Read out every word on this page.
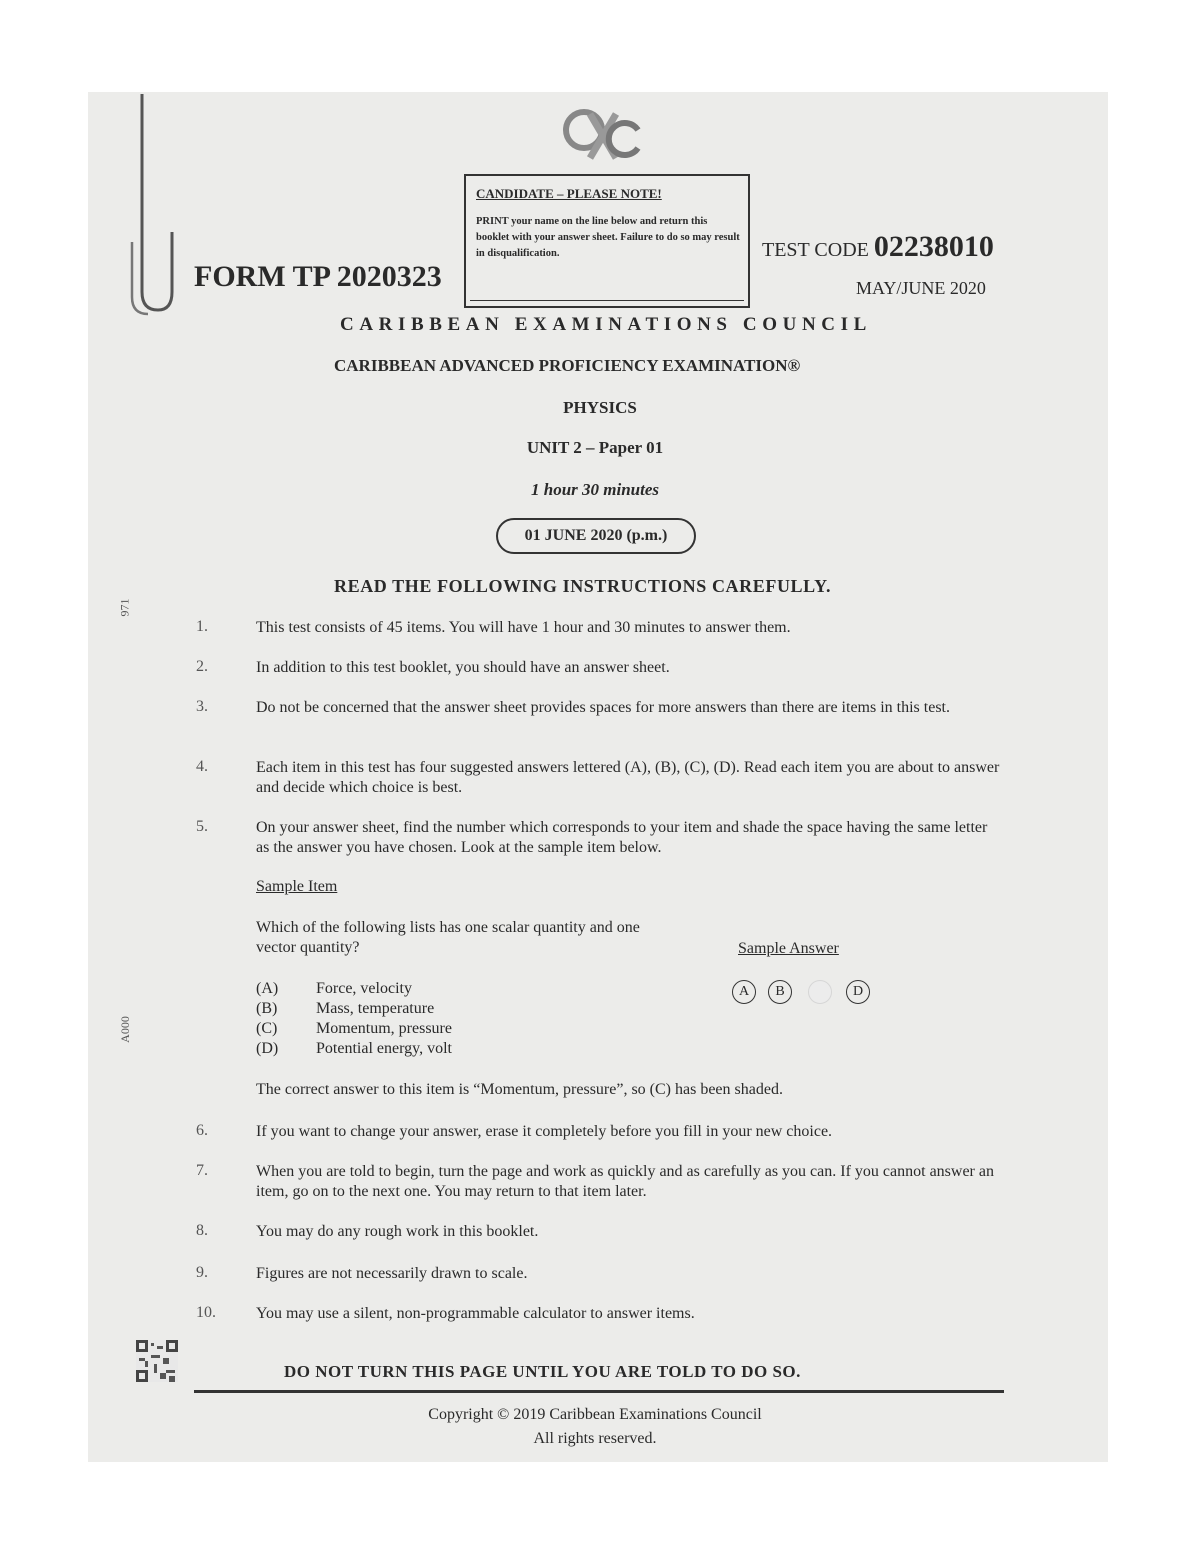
CANDIDATE – PLEASE NOTE!
PRINT your name on the line below and return this booklet with your answer sheet. Failure to do so may result in disqualification.
FORM TP 2020323
TEST CODE 02238010
MAY/JUNE 2020
CARIBBEAN EXAMINATIONS COUNCIL
CARIBBEAN ADVANCED PROFICIENCY EXAMINATION®
PHYSICS
UNIT 2 – Paper 01
1 hour 30 minutes
01 JUNE 2020 (p.m.)
971
A000
READ THE FOLLOWING INSTRUCTIONS CAREFULLY.
1.	This test consists of 45 items. You will have 1 hour and 30 minutes to answer them.
2.	In addition to this test booklet, you should have an answer sheet.
3.	Do not be concerned that the answer sheet provides spaces for more answers than there are items in this test.
4.	Each item in this test has four suggested answers lettered (A), (B), (C), (D). Read each item you are about to answer and decide which choice is best.
5.	On your answer sheet, find the number which corresponds to your item and shade the space having the same letter as the answer you have chosen. Look at the sample item below.
Sample Item
Which of the following lists has one scalar quantity and one vector quantity?	Sample Answer
(A) Force, velocity
(B) Mass, temperature
(C) Momentum, pressure
(D) Potential energy, volt
A	B	D
The correct answer to this item is “Momentum, pressure”, so (C) has been shaded.
6.	If you want to change your answer, erase it completely before you fill in your new choice.
7.	When you are told to begin, turn the page and work as quickly and as carefully as you can. If you cannot answer an item, go on to the next one. You may return to that item later.
8.	You may do any rough work in this booklet.
9.	Figures are not necessarily drawn to scale.
10.	You may use a silent, non-programmable calculator to answer items.
DO NOT TURN THIS PAGE UNTIL YOU ARE TOLD TO DO SO.
Copyright © 2019 Caribbean Examinations Council
All rights reserved.
